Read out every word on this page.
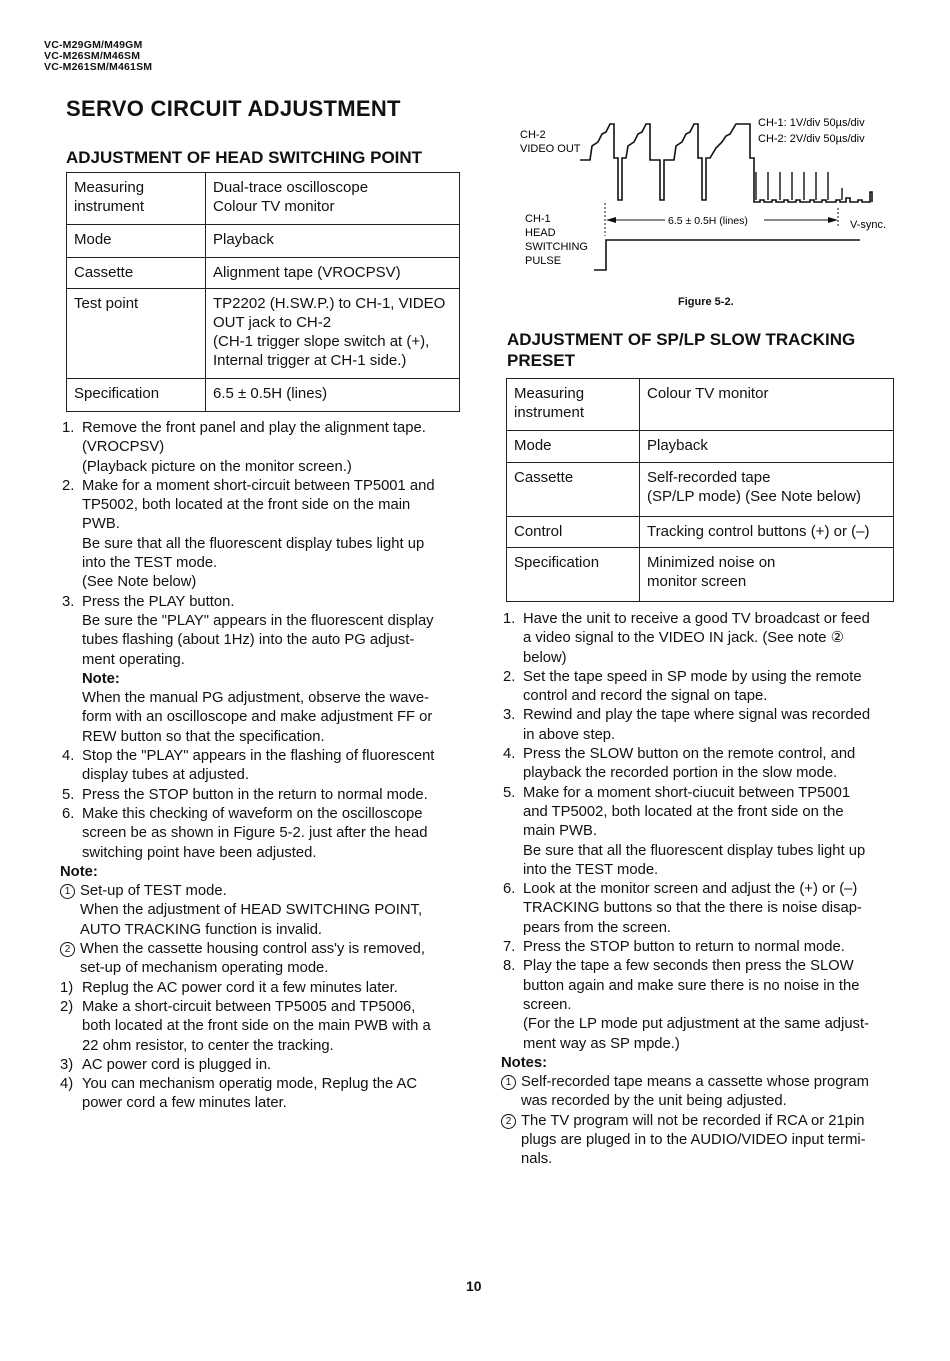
VC-M29GM/M49GM
VC-M26SM/M46SM
VC-M261SM/M461SM
SERVO CIRCUIT ADJUSTMENT
ADJUSTMENT OF HEAD SWITCHING POINT
Measuring
instrument	Dual-trace oscilloscope
Colour TV monitor
Mode	Playback
Cassette	Alignment tape (VROCPSV)
Test point	TP2202 (H.SW.P.) to CH-1, VIDEO
OUT jack to CH-2
(CH-1 trigger slope switch at (+),
Internal trigger at CH-1 side.)
Specification	6.5 ± 0.5H (lines)
1. Remove the front panel and play the alignment tape.
(VROCPSV)
(Playback picture on the monitor screen.)
2. Make for a moment short-circuit between TP5001 and
TP5002, both located at the front side on the main
PWB.
Be sure that all the fluorescent display tubes light up
into the TEST mode.
(See Note below)
3. Press the PLAY button.
Be sure the "PLAY" appears in the fluorescent display
tubes flashing (about 1Hz) into the auto PG adjust-
ment operating.
Note:
When the manual PG adjustment, observe the wave-
form with an oscilloscope and make adjustment FF or
REW button so that the specification.
4. Stop the "PLAY" appears in the flashing of fluorescent
display tubes at adjusted.
5. Press the STOP button in the return to normal mode.
6. Make this checking of waveform on the oscilloscope
screen be as shown in Figure 5-2. just after the head
switching point have been adjusted.
Note:
1 Set-up of TEST mode.
When the adjustment of HEAD SWITCHING POINT,
AUTO TRACKING function is invalid.
2 When the cassette housing control ass'y is removed,
set-up of mechanism operating mode.
1) Replug the AC power cord it a few minutes later.
2) Make a short-circuit between TP5005 and TP5006,
both located at the front side on the main PWB with a
22 ohm resistor, to center the tracking.
3) AC power cord is plugged in.
4) You can mechanism operatig mode, Replug the AC
power cord a few minutes later.
CH-2 VIDEO OUT
CH-1: 1V/div 50µs/div
CH-2: 2V/div 50µs/div
CH-1 HEAD SWITCHING PULSE
6.5 ± 0.5H (lines)	V-sync.
Figure 5-2.
ADJUSTMENT OF SP/LP SLOW TRACKING
PRESET
Measuring
instrument	Colour TV monitor
Mode	Playback
Cassette	Self-recorded tape
(SP/LP mode) (See Note below)
Control	Tracking control buttons (+) or (–)
Specification	Minimized noise on
monitor screen
1. Have the unit to receive a good TV broadcast or feed
a video signal to the VIDEO IN jack. (See note ②
below)
2. Set the tape speed in SP mode by using the remote
control and record the signal on tape.
3. Rewind and play the tape where signal was recorded
in above step.
4. Press the SLOW button on the remote control, and
playback the recorded portion in the slow mode.
5. Make for a moment short-ciucuit between TP5001
and TP5002, both located at the front side on the
main PWB.
Be sure that all the fluorescent display tubes light up
into the TEST mode.
6. Look at the monitor screen and adjust the (+) or (–)
TRACKING buttons so that the there is noise disap-
pears from the screen.
7. Press the STOP button to return to normal mode.
8. Play the tape a few seconds then press the SLOW
button again and make sure there is no noise in the
screen.
(For the LP mode put adjustment at the same adjust-
ment way as SP mpde.)
Notes:
1 Self-recorded tape means a cassette whose program
was recorded by the unit being adjusted.
2 The TV program will not be recorded if RCA or 21pin
plugs are pluged in to the AUDIO/VIDEO input termi-
nals.
10
